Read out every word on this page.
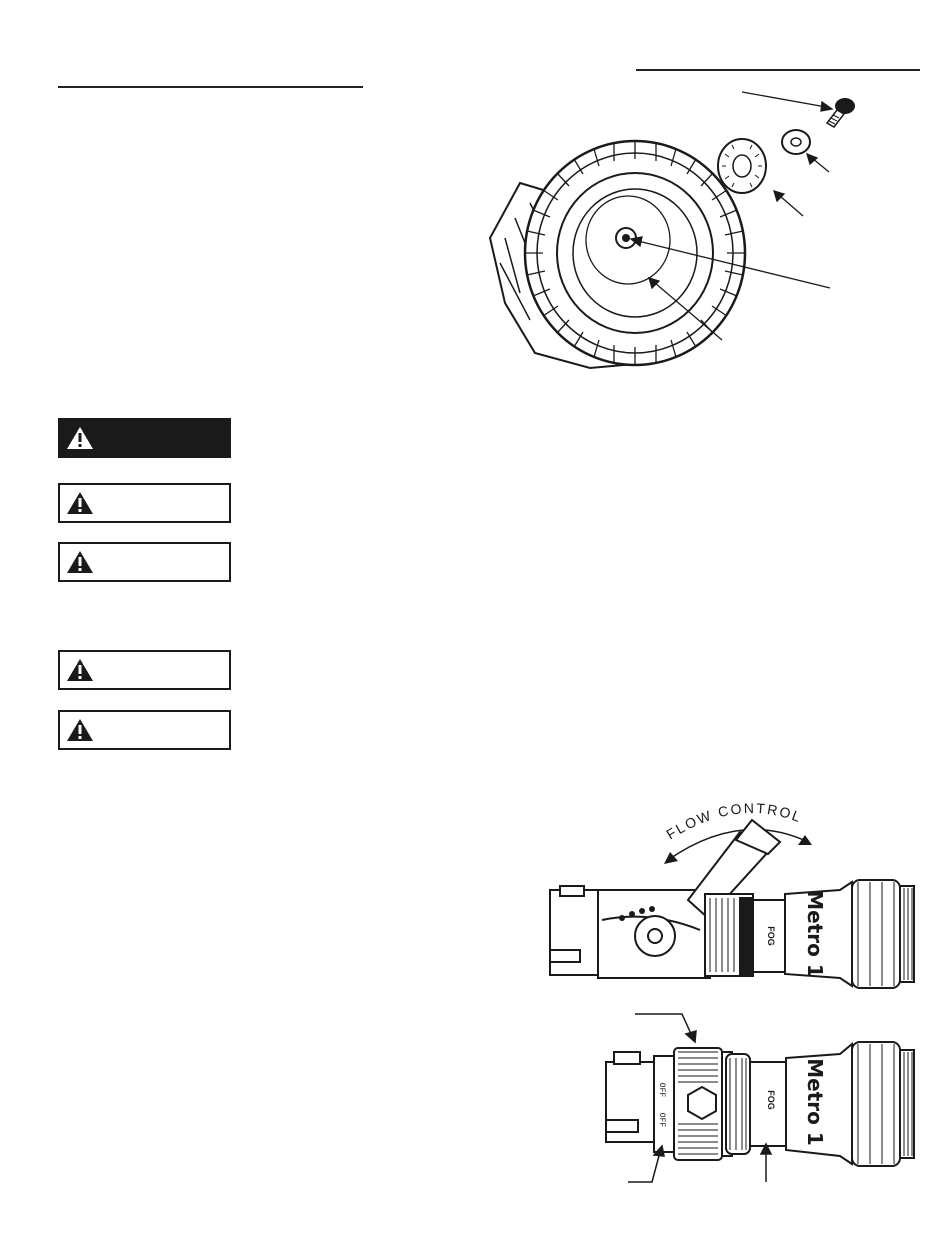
FLOW CONTROL
FOG Metro 1
OFF
OFF
FOG Metro 1
